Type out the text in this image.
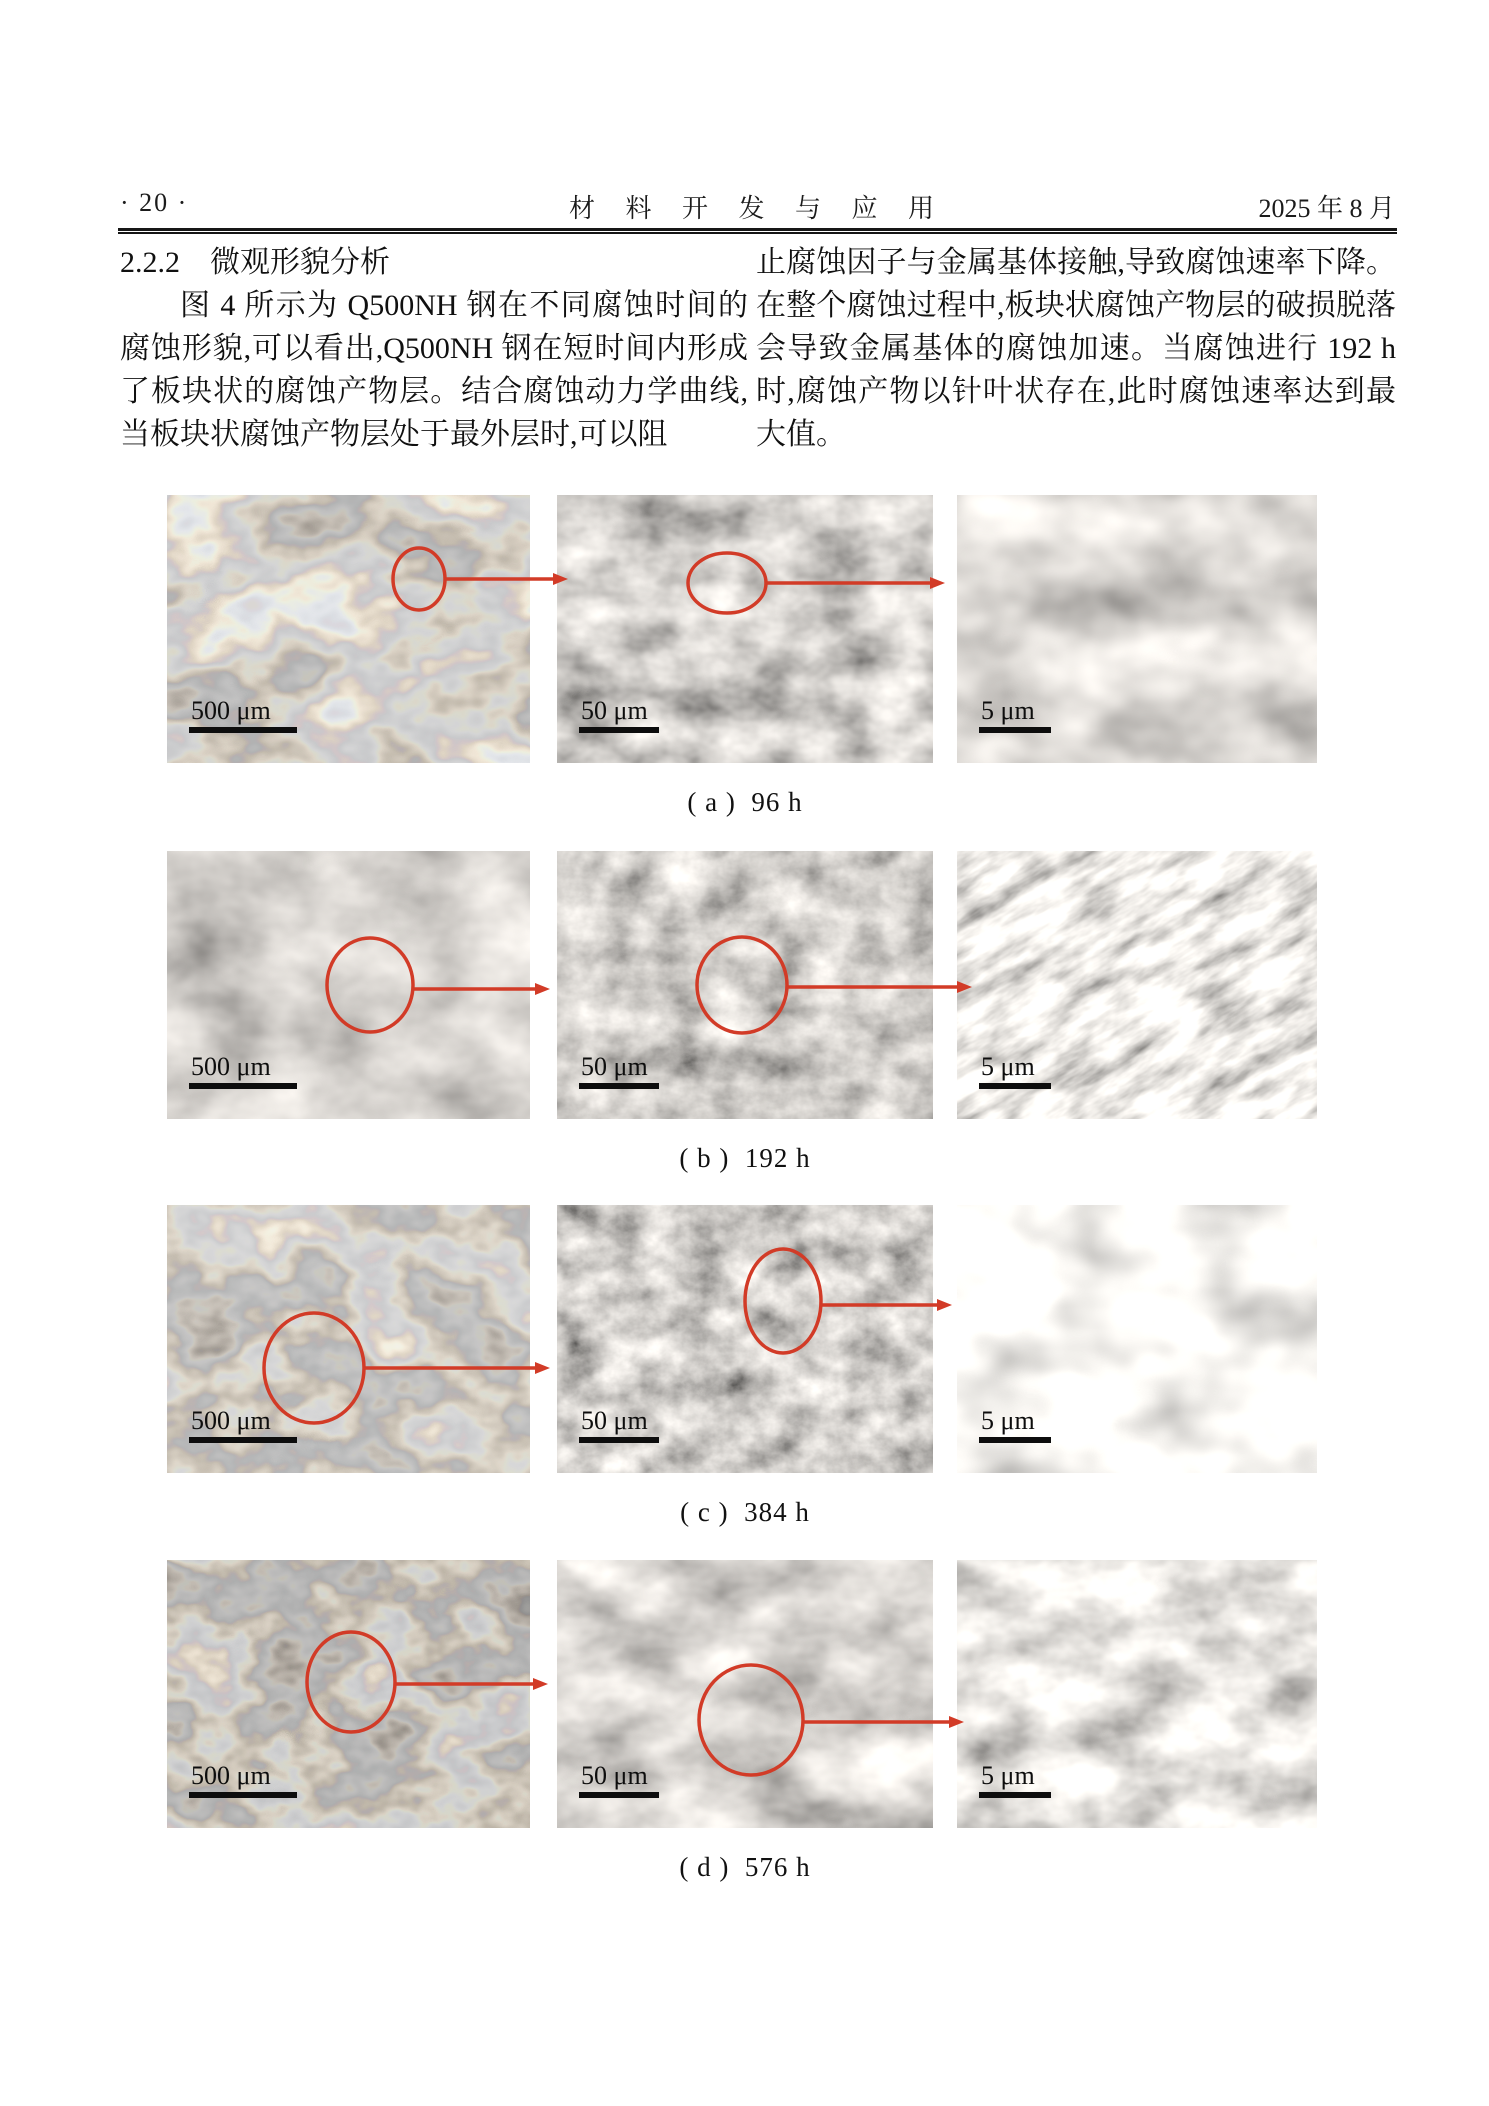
· 20 ·	材 料 开 发 与 应 用	2025 年 8 月
2.2.2 微观形貌分析

图 4 所示为 Q500NH 钢在不同腐蚀时间的腐蚀形貌,可以看出,Q500NH 钢在短时间内形成了板块状的腐蚀产物层。结合腐蚀动力学曲线,当板块状腐蚀产物层处于最外层时,可以阻

止腐蚀因子与金属基体接触,导致腐蚀速率下降。在整个腐蚀过程中,板块状腐蚀产物层的破损脱落会导致金属基体的腐蚀加速。当腐蚀进行 192 h 时,腐蚀产物以针叶状存在,此时腐蚀速率达到最大值。

500 μm	50 μm	5 μm
( a )  96 h
500 μm	50 μm	5 μm
( b )  192 h
500 μm	50 μm	5 μm
( c )  384 h
500 μm	50 μm	5 μm
( d )  576 h
